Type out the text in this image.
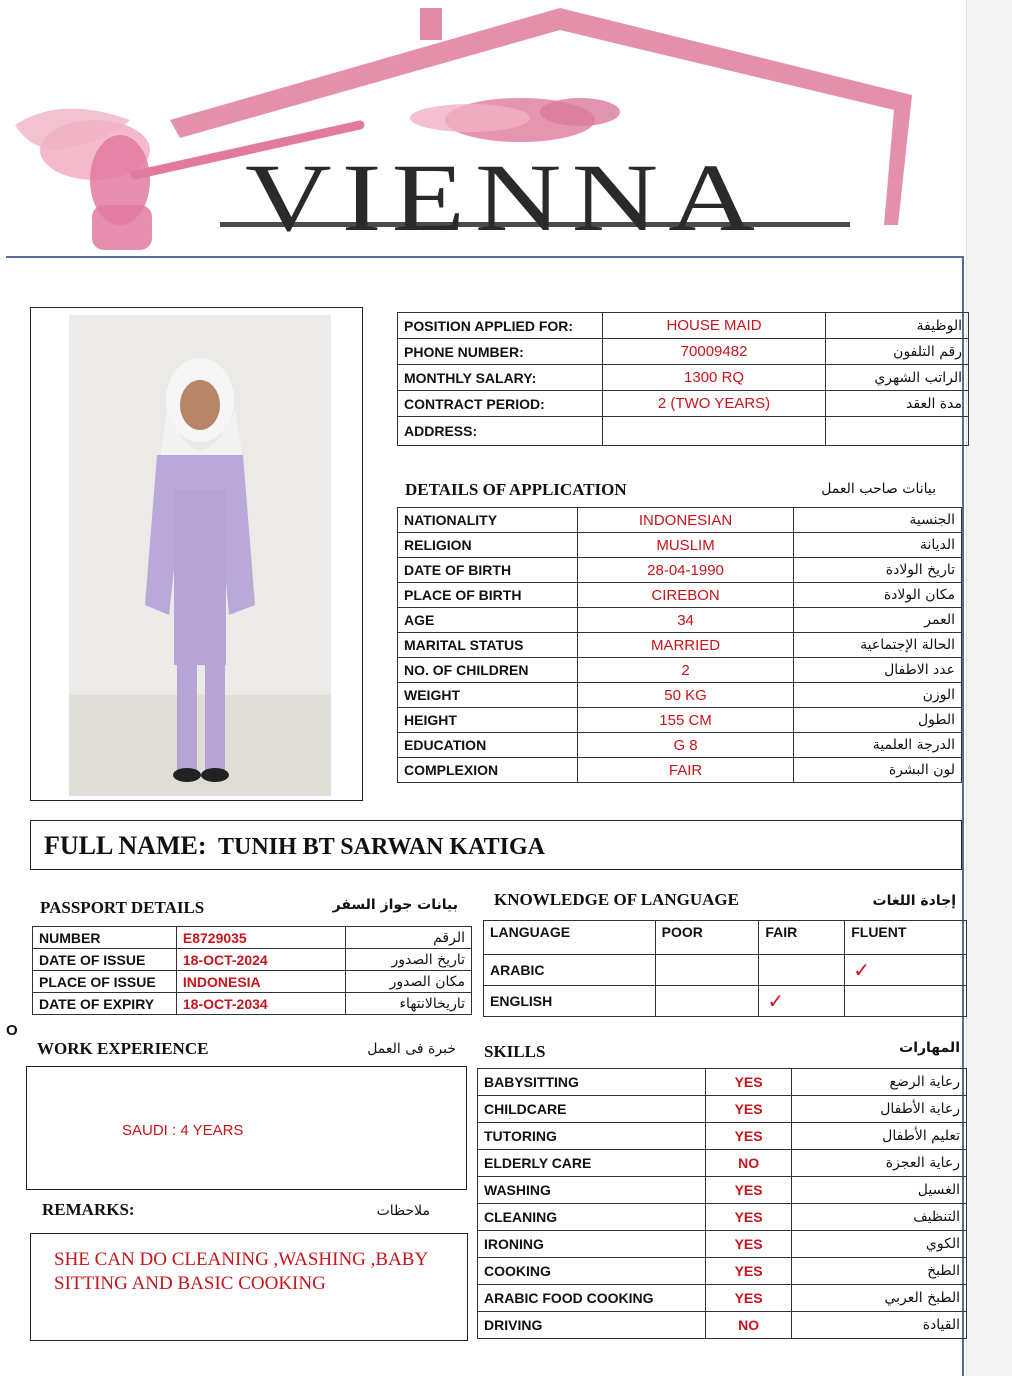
VIENNA
POSITION APPLIED FOR:	HOUSE MAID	الوظيفة
PHONE NUMBER:	70009482	رقم التلفون
MONTHLY SALARY:	1300 RQ	الراتب الشهري
CONTRACT PERIOD:	2 (TWO YEARS)	مدة العقد
ADDRESS:		
DETAILS OF APPLICATION	بيانات صاحب العمل
NATIONALITY	INDONESIAN	الجنسية
RELIGION	MUSLIM	الديانة
DATE OF BIRTH	28-04-1990	تاريخ الولادة
PLACE OF BIRTH	CIREBON	مكان الولادة
AGE	34	العمر
MARITAL STATUS	MARRIED	الحالة الإجتماعية
NO. OF CHILDREN	2	عدد الاطفال
WEIGHT	50 KG	الوزن
HEIGHT	155 CM	الطول
EDUCATION	G 8	الدرجة العلمية
COMPLEXION	FAIR	لون البشرة
FULL NAME: TUNIH BT SARWAN KATIGA
PASSPORT DETAILS	بيانات جواز السفر
NUMBER	E8729035	الرقم
DATE OF ISSUE	18-OCT-2024	تاريخ الصدور
PLACE OF ISSUE	INDONESIA	مكان الصدور
DATE OF EXPIRY	18-OCT-2034	تاريخالانتهاء
O
KNOWLEDGE OF LANGUAGE	إجادة اللغات
LANGUAGE	POOR	FAIR	FLUENT
ARABIC			✓
ENGLISH		✓	
WORK EXPERIENCE	خبرة فى العمل
SAUDI : 4 YEARS
REMARKS:	ملاحظات
SHE CAN DO CLEANING ,WASHING ,BABY
SITTING AND BASIC COOKING
SKILLS	المهارات
BABYSITTING	YES	رعاية الرضع
CHILDCARE	YES	رعاية الأطفال
TUTORING	YES	تعليم الأطفال
ELDERLY CARE	NO	رعاية العجزة
WASHING	YES	الغسيل
CLEANING	YES	التنظيف
IRONING	YES	الكوي
COOKING	YES	الطبخ
ARABIC FOOD COOKING	YES	الطبخ العربي
DRIVING	NO	القيادة
